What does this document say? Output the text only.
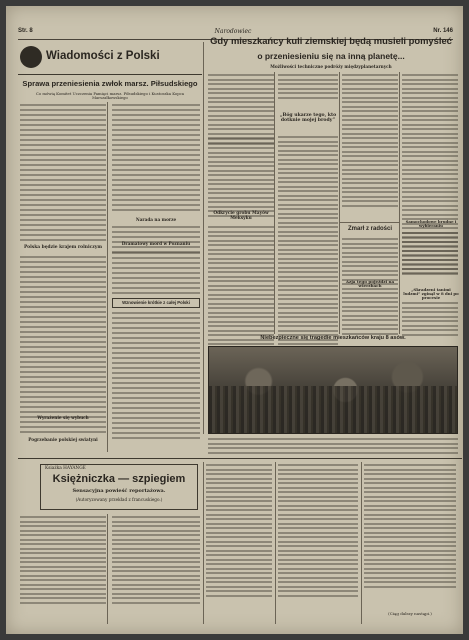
Str. 8	Narodowiec	Nr. 146
Wiadomości z Polski
Sprawa przeniesienia zwłok marsz. Piłsudskiego
Co mówią Komitet Uczczenia Pamięci marsz. Piłsudskiego i Kustoszka Kopca Marszałkowskiego
Narada na morze
Polska będzie krajem rolniczym
Dramatowy mord w Poznaniu
Wznowienie krótkie z całej Polski
Pogrzebanie polskiej swiatyni
Wyrażenie się wybuch
Gdy mieszkańcy kuli ziemskiej będą musieli pomyśleć
o przeniesieniu się na inną planetę...
Możliwości techniczne podróży międzyplanetarnych
„Bóg ukarze tego, kto dotknie mojej brody”
Odkrycie grobu Mayów Meksyku
Zmarł z radości
Azja tego pojeździ na wierzbach
Samochodowe brudne i wybieraniu
„Skradzeni tanimi ludzmi” zginął w 8 dni po procesie
Niebezpieczne się tragedie mieszkańców kraju 8 asów.
Ksiażka HAYANGE
Księżniczka — szpiegiem
Sensacyjna powieść reportażowa.
(Autoryzowany przekład z francuskiego.)
(Ciąg dalszy nastąpi.)
